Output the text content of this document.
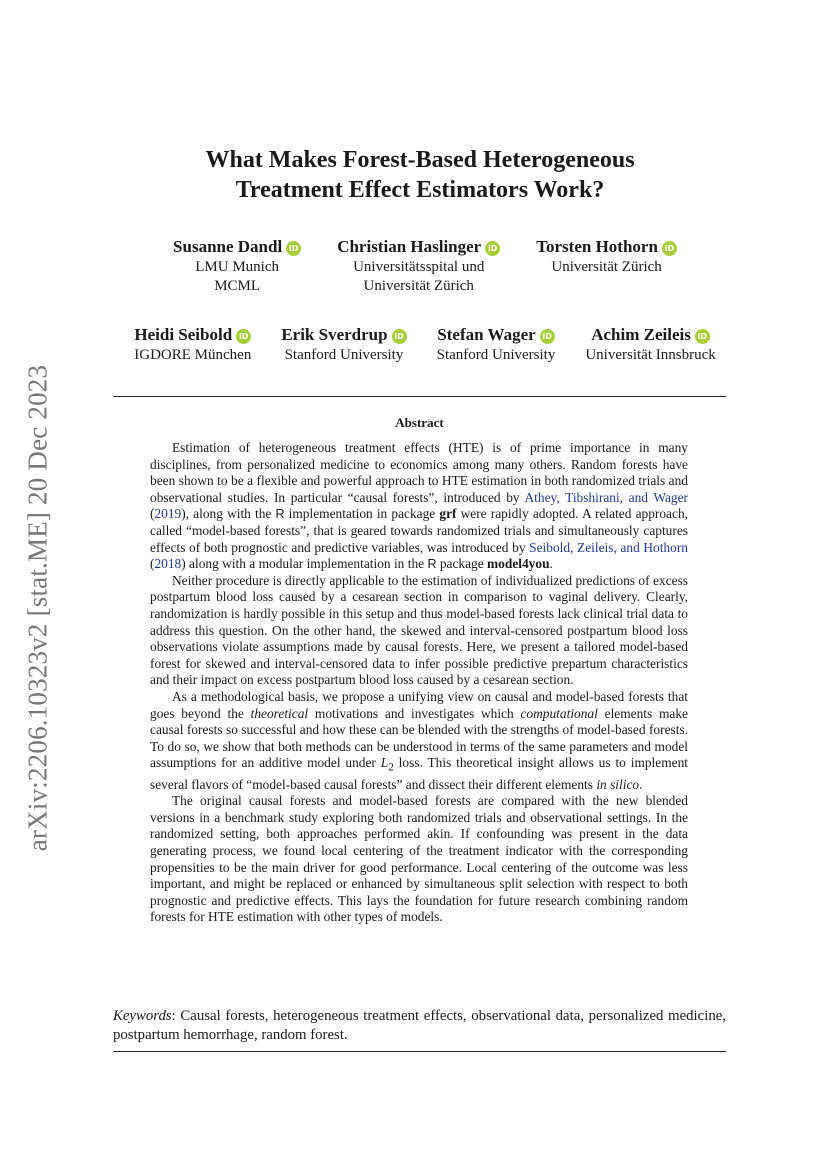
arXiv:2206.10323v2 [stat.ME] 20 Dec 2023
What Makes Forest-Based Heterogeneous
Treatment Effect Estimators Work?
Susanne Dandl iD
LMU Munich
MCML
Christian Haslinger iD
Universitätsspital und
Universität Zürich
Torsten Hothorn iD
Universität Zürich
Heidi Seibold iD
IGDORE München
Erik Sverdrup iD
Stanford University
Stefan Wager iD
Stanford University
Achim Zeileis iD
Universität Innsbruck
Abstract

Estimation of heterogeneous treatment effects (HTE) is of prime importance in many disciplines, from personalized medicine to economics among many others. Random forests have been shown to be a flexible and powerful approach to HTE estimation in both randomized trials and observational studies. In particular “causal forests”, introduced by Athey, Tibshirani, and Wager (2019), along with the R implementation in package grf were rapidly adopted. A related approach, called “model-based forests”, that is geared towards randomized trials and simultaneously captures effects of both prognostic and predictive variables, was introduced by Seibold, Zeileis, and Hothorn (2018) along with a modular implementation in the R package model4you.

Neither procedure is directly applicable to the estimation of individualized predictions of excess postpartum blood loss caused by a cesarean section in comparison to vaginal delivery. Clearly, randomization is hardly possible in this setup and thus model-based forests lack clinical trial data to address this question. On the other hand, the skewed and interval-censored postpartum blood loss observations violate assumptions made by causal forests. Here, we present a tailored model-based forest for skewed and interval-censored data to infer possible predictive prepartum characteristics and their impact on excess postpartum blood loss caused by a cesarean section.

As a methodological basis, we propose a unifying view on causal and model-based forests that goes beyond the theoretical motivations and investigates which computational elements make causal forests so successful and how these can be blended with the strengths of model-based forests. To do so, we show that both methods can be understood in terms of the same parameters and model assumptions for an additive model under $L_2$ loss. This theoretical insight allows us to implement several flavors of “model-based causal forests” and dissect their different elements in silico.

The original causal forests and model-based forests are compared with the new blended versions in a benchmark study exploring both randomized trials and observational settings. In the randomized setting, both approaches performed akin. If confounding was present in the data generating process, we found local centering of the treatment indicator with the corresponding propensities to be the main driver for good performance. Local centering of the outcome was less important, and might be replaced or enhanced by simultaneous split selection with respect to both prognostic and predictive effects. This lays the foundation for future research combining random forests for HTE estimation with other types of models.

Keywords: Causal forests, heterogeneous treatment effects, observational data, personalized medicine, postpartum hemorrhage, random forest.
